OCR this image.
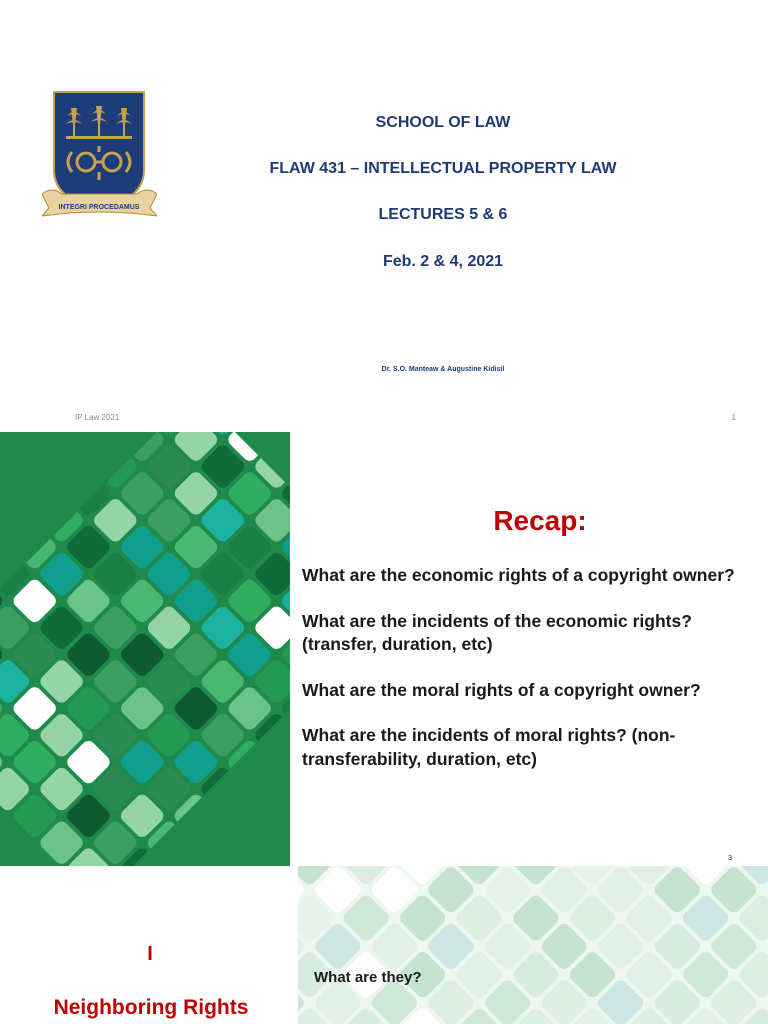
INTEGRI PROCEDAMUS
SCHOOL OF LAW
FLAW 431 – INTELLECTUAL PROPERTY LAW
LECTURES 5 & 6
Feb. 2 & 4, 2021
Dr. S.O. Manteaw & Augustine Kidisil
IP Law 2021	1
Recap:
What are the economic rights of a copyright owner?
What are the incidents of the economic rights? (transfer, duration, etc)
What are the moral rights of a copyright owner?
What are the incidents of moral rights? (non-transferability, duration, etc)
3
I
Neighboring Rights
What are they?
